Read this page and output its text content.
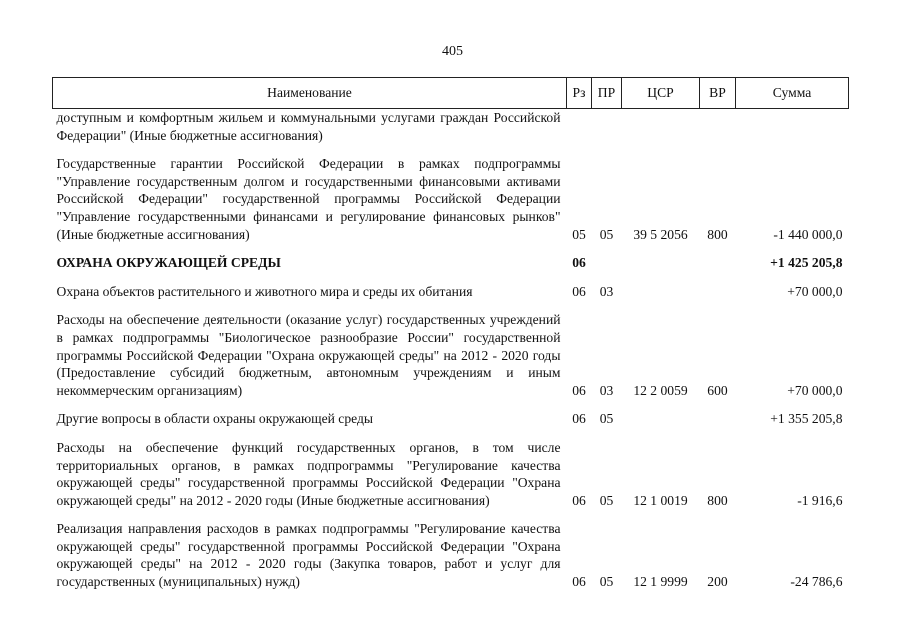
405
Наименование	Рз	ПР	ЦСР	ВР	Сумма
доступным и комфортным жильем и коммунальными услугами граждан Российской Федерации" (Иные бюджетные ассигнования)					

Государственные гарантии Российской Федерации в рамках подпрограммы "Управление государственным долгом и государственными финансовыми активами Российской Федерации" государственной программы Российской Федерации "Управление государственными финансами и регулирование финансовых рынков" (Иные бюджетные ассигнования)	05	05	39 5 2056	800	-1 440 000,0

ОХРАНА ОКРУЖАЮЩЕЙ СРЕДЫ	06				+1 425 205,8

Охрана объектов растительного и животного мира и среды их обитания	06	03			+70 000,0

Расходы на обеспечение деятельности (оказание услуг) государственных учреждений в рамках подпрограммы "Биологическое разнообразие России" государственной программы Российской Федерации "Охрана окружающей среды" на 2012 - 2020 годы (Предоставление субсидий бюджетным, автономным учреждениям и иным некоммерческим организациям)	06	03	12 2 0059	600	+70 000,0

Другие вопросы в области охраны окружающей среды	06	05			+1 355 205,8

Расходы на обеспечение функций государственных органов, в том числе территориальных органов, в рамках подпрограммы "Регулирование качества окружающей среды" государственной программы Российской Федерации "Охрана окружающей среды" на 2012 - 2020 годы (Иные бюджетные ассигнования)	06	05	12 1 0019	800	-1 916,6

Реализация направления расходов в рамках подпрограммы "Регулирование качества окружающей среды" государственной программы Российской Федерации "Охрана окружающей среды" на 2012 - 2020 годы (Закупка товаров, работ и услуг для государственных (муниципальных) нужд)	06	05	12 1 9999	200	-24 786,6
